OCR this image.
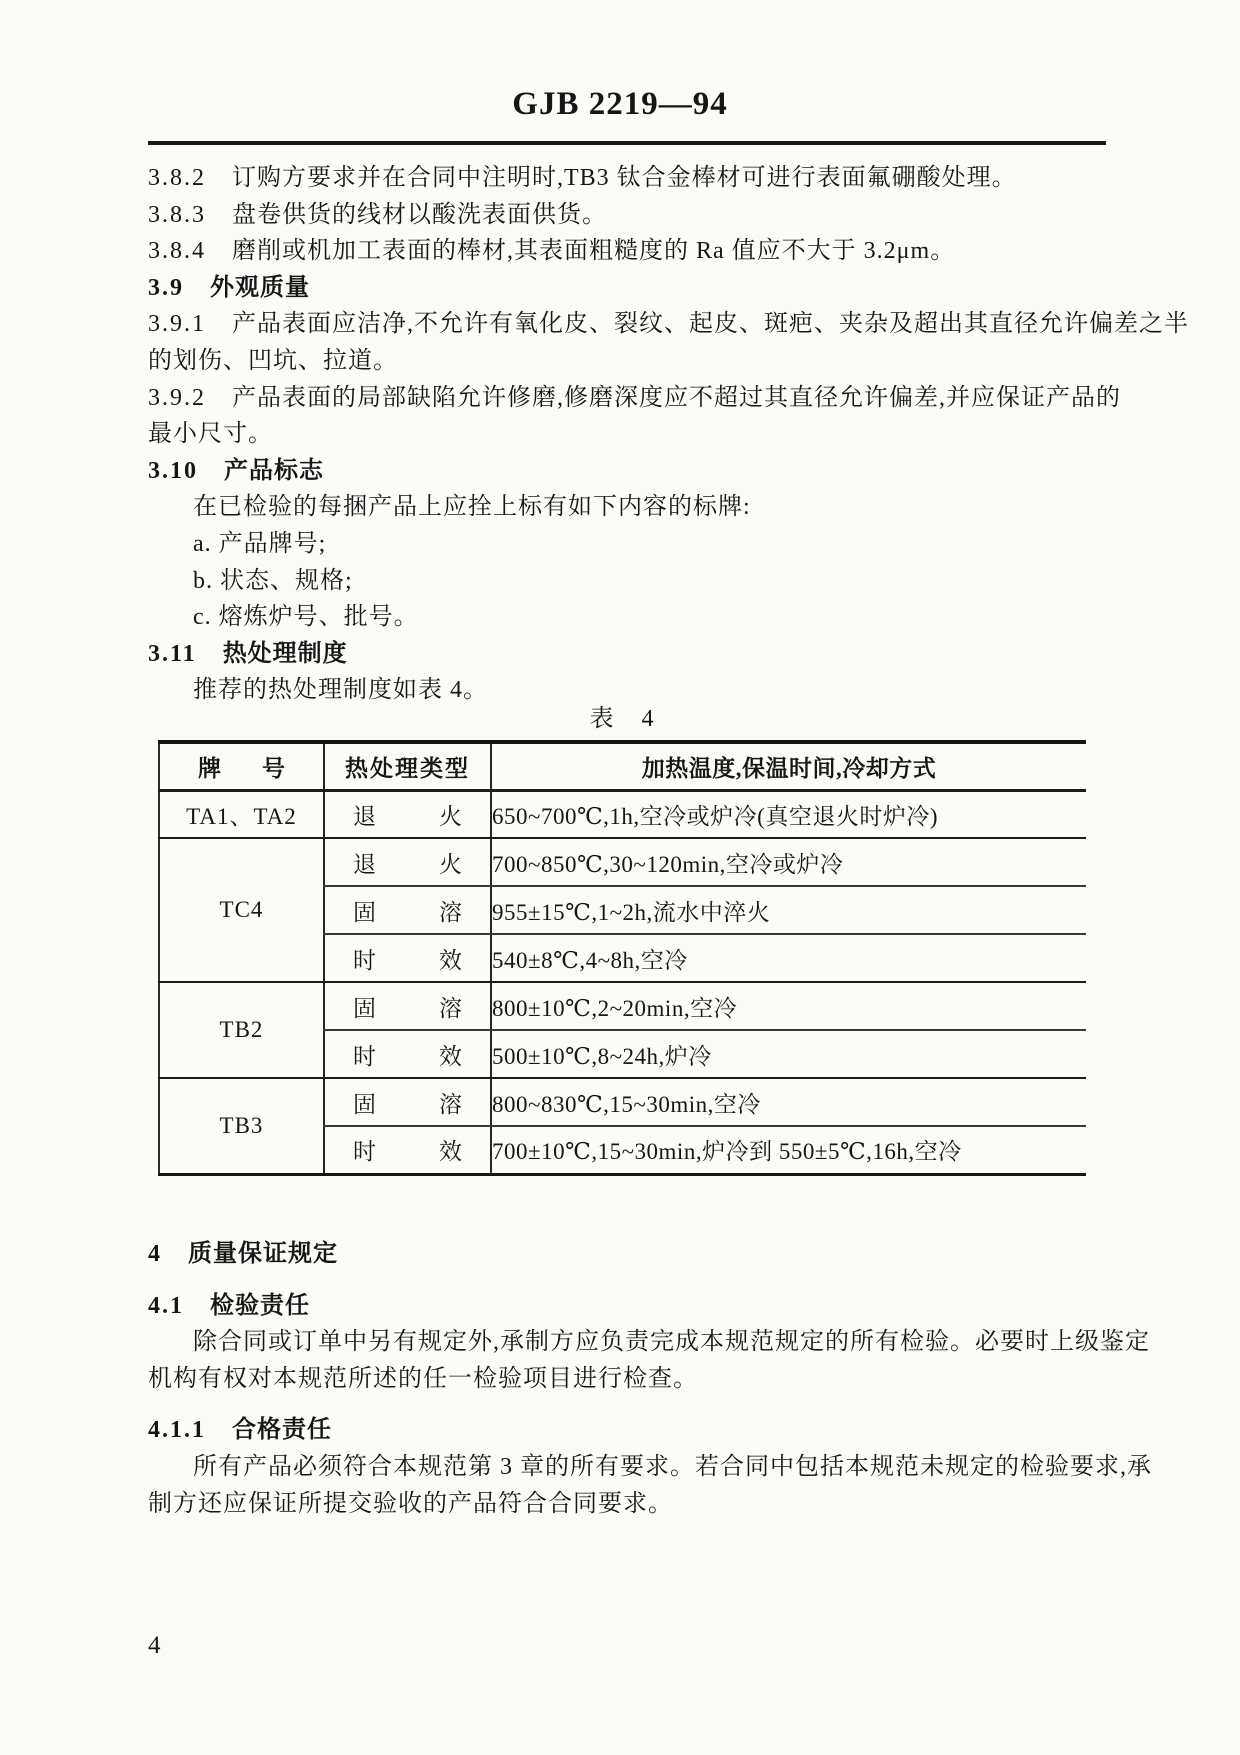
GJB 2219—94
3.8.2 订购方要求并在合同中注明时,TB3 钛合金棒材可进行表面氟硼酸处理。
3.8.3 盘卷供货的线材以酸洗表面供货。
3.8.4 磨削或机加工表面的棒材,其表面粗糙度的 Ra 值应不大于 3.2μm。
3.9 外观质量
3.9.1 产品表面应洁净,不允许有氧化皮、裂纹、起皮、斑疤、夹杂及超出其直径允许偏差之半
的划伤、凹坑、拉道。
3.9.2 产品表面的局部缺陷允许修磨,修磨深度应不超过其直径允许偏差,并应保证产品的
最小尺寸。
3.10 产品标志
在已检验的每捆产品上应拴上标有如下内容的标牌:
a. 产品牌号;
b. 状态、规格;
c. 熔炼炉号、批号。
3.11 热处理制度
推荐的热处理制度如表 4。
表 4
牌 号	热处理类型	加热温度,保温时间,冷却方式
TA1、TA2	退 火	650~700℃,1h,空冷或炉冷(真空退火时炉冷)
TC4	退 火	700~850℃,30~120min,空冷或炉冷

	固 溶	955±15℃,1~2h,流水中淬火

	时 效	540±8℃,4~8h,空冷
TB2	固 溶	800±10℃,2~20min,空冷

	时 效	500±10℃,8~24h,炉冷
TB3	固 溶	800~830℃,15~30min,空冷

	时 效	700±10℃,15~30min,炉冷到 550±5℃,16h,空冷
4 质量保证规定
4.1 检验责任
除合同或订单中另有规定外,承制方应负责完成本规范规定的所有检验。必要时上级鉴定
机构有权对本规范所述的任一检验项目进行检查。
4.1.1 合格责任
所有产品必须符合本规范第 3 章的所有要求。若合同中包括本规范未规定的检验要求,承
制方还应保证所提交验收的产品符合合同要求。
4
